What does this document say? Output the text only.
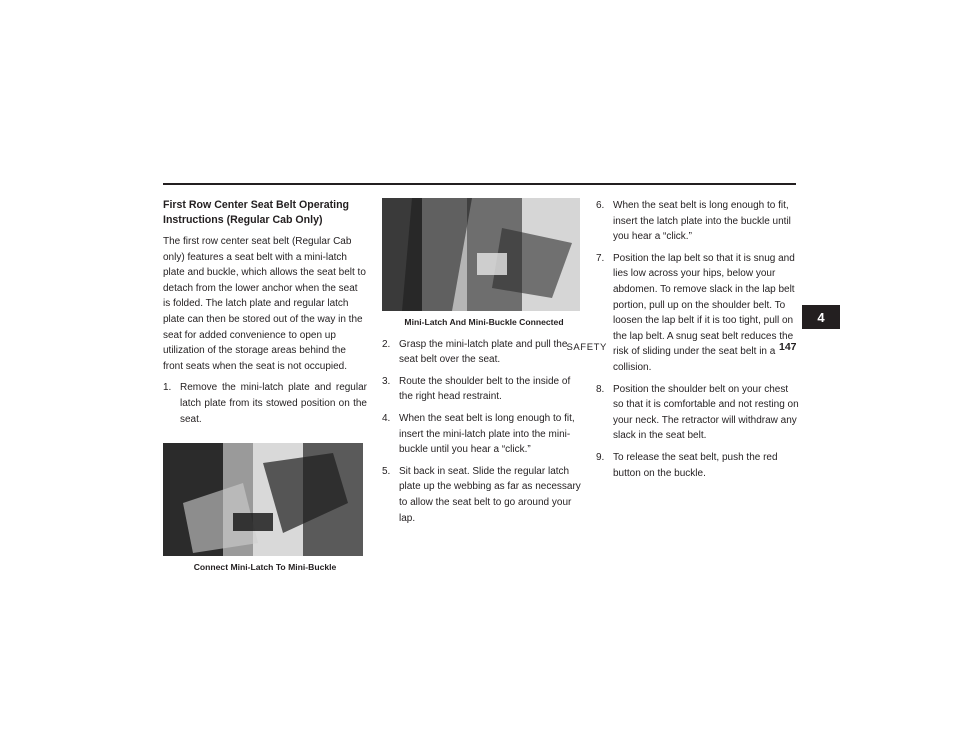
SAFETY	147
4
First Row Center Seat Belt Operating Instructions (Regular Cab Only)

The first row center seat belt (Regular Cab only) features a seat belt with a mini-latch plate and buckle, which allows the seat belt to detach from the lower anchor when the seat is folded. The latch plate and regular latch plate can then be stored out of the way in the seat for added convenience to open up utilization of the storage areas behind the front seats when the seat is not occupied.

1. Remove the mini-latch plate and regular latch plate from its stowed position on the seat.
Connect Mini-Latch To Mini-Buckle
Mini-Latch And Mini-Buckle Connected
2. Grasp the mini-latch plate and pull the seat belt over the seat.
3. Route the shoulder belt to the inside of the right head restraint.
4. When the seat belt is long enough to fit, insert the mini-latch plate into the mini-buckle until you hear a “click.”
5. Sit back in seat. Slide the regular latch plate up the webbing as far as necessary to allow the seat belt to go around your lap.
6. When the seat belt is long enough to fit, insert the latch plate into the buckle until you hear a “click.”
7. Position the lap belt so that it is snug and lies low across your hips, below your abdomen. To remove slack in the lap belt portion, pull up on the shoulder belt. To loosen the lap belt if it is too tight, pull on the lap belt. A snug seat belt reduces the risk of sliding under the seat belt in a collision.
8. Position the shoulder belt on your chest so that it is comfortable and not resting on your neck. The retractor will withdraw any slack in the seat belt.
9. To release the seat belt, push the red button on the buckle.
